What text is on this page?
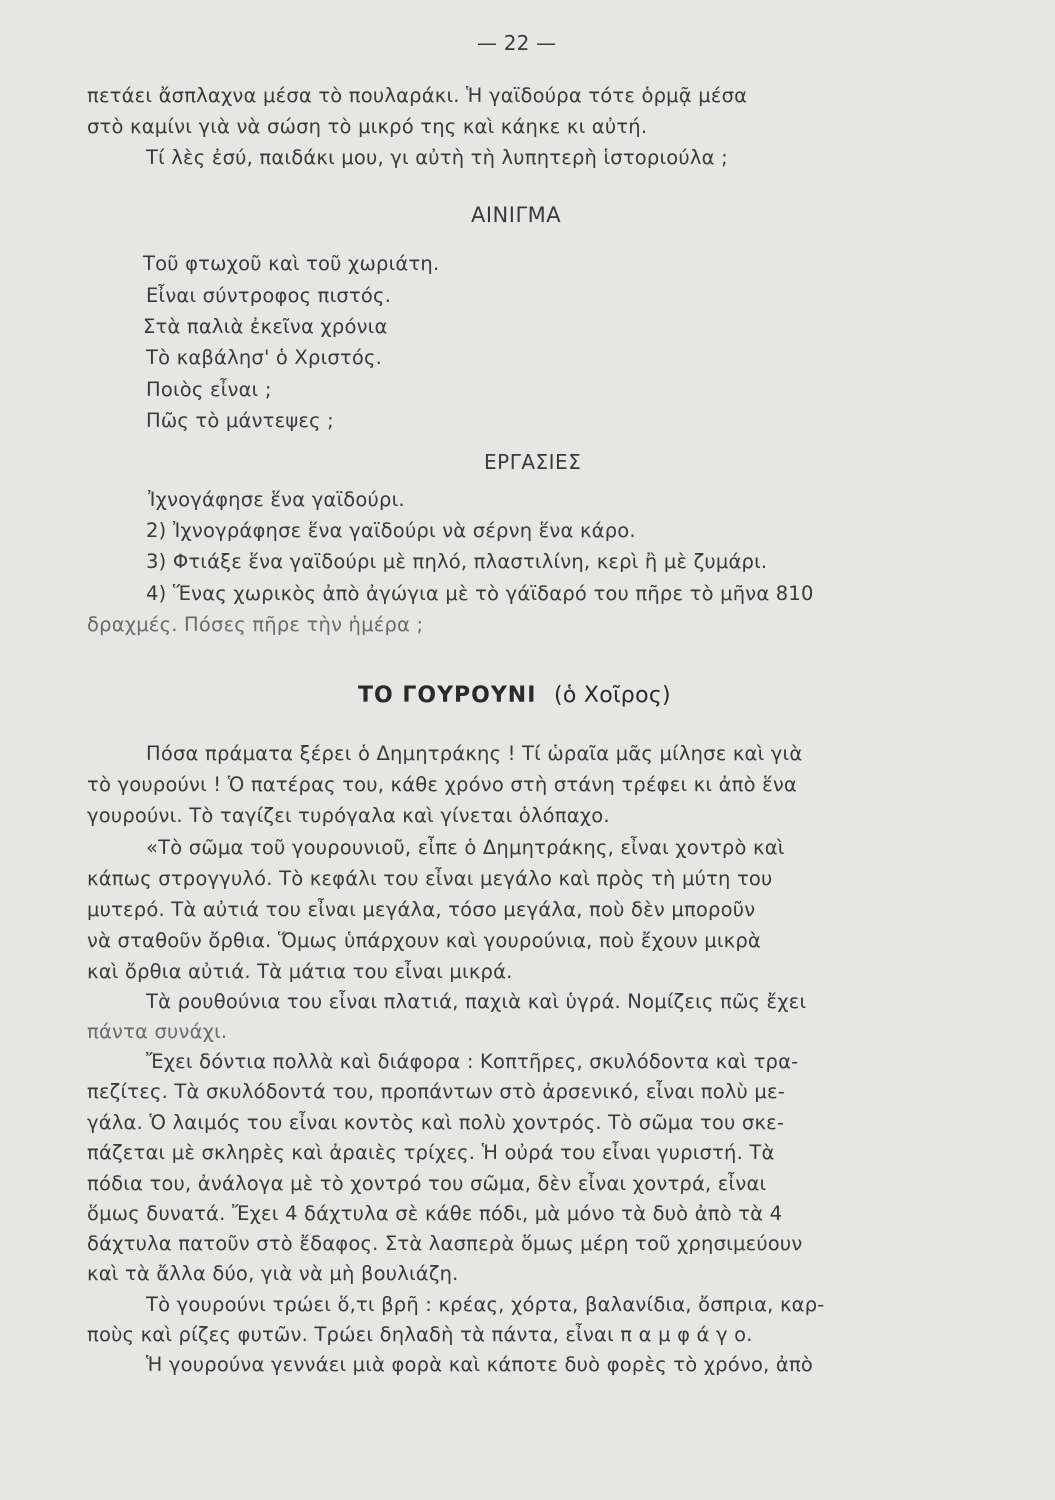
— 22 —
πετάει ἄσπλαχνα μέσα τὸ πουλαράκι. Ἡ γαϊδούρα τότε ὁρμᾷ μέσα
στὸ καμίνι γιὰ νὰ σώση τὸ μικρό της καὶ κάηκε κι αὐτή.
Τί λὲς ἐσύ, παιδάκι μου, γι αὐτὴ τὴ λυπητερὴ ἱστοριούλα ;
ΑΙΝΙΓΜΑ
Τοῦ φτωχοῦ καὶ τοῦ χωριάτη.
Εἶναι σύντροφος πιστός.
Στὰ παλιὰ ἐκεῖνα χρόνια
Τὸ καβάλησ' ὁ Χριστός.
Ποιὸς εἶναι ;
Πῶς τὸ μάντεψες ;
ΕΡΓΑΣΙΕΣ
Ἰχνογάφησε ἕνα γαϊδούρι.
2) Ἰχνογράφησε ἕνα γαϊδούρι νὰ σέρνη ἕνα κάρο.
3) Φτιάξε ἕνα γαϊδούρι μὲ πηλό, πλαστιλίνη, κερὶ ἢ μὲ ζυμάρι.
4) Ἕνας χωρικὸς ἀπὸ ἀγώγια μὲ τὸ γάϊδαρό του πῆρε τὸ μῆνα 810
δραχμές. Πόσες πῆρε τὴν ἡμέρα ;
ΤΟ ΓΟΥΡΟΥΝΙ (ὁ Χοῖρος)
Πόσα πράματα ξέρει ὁ Δημητράκης ! Τί ὡραῖα μᾶς μίλησε καὶ γιὰ
τὸ γουρούνι ! Ὁ πατέρας του, κάθε χρόνο στὴ στάνη τρέφει κι ἀπὸ ἕνα
γουρούνι. Τὸ ταγίζει τυρόγαλα καὶ γίνεται ὁλόπαχο.
«Τὸ σῶμα τοῦ γουρουνιοῦ, εἶπε ὁ Δημητράκης, εἶναι χοντρὸ καὶ
κάπως στρογγυλό. Τὸ κεφάλι του εἶναι μεγάλο καὶ πρὸς τὴ μύτη του
μυτερό. Τὰ αὐτιά του εἶναι μεγάλα, τόσο μεγάλα, ποὺ δὲν μποροῦν
νὰ σταθοῦν ὄρθια. Ὅμως ὑπάρχουν καὶ γουρούνια, ποὺ ἔχουν μικρὰ
καὶ ὄρθια αὐτιά. Τὰ μάτια του εἶναι μικρά.
Τὰ ρουθούνια του εἶναι πλατιά, παχιὰ καὶ ὑγρά. Νομίζεις πῶς ἔχει
πάντα συνάχι.
Ἔχει δόντια πολλὰ καὶ διάφορα : Κοπτῆρες, σκυλόδοντα καὶ τρα-
πεζίτες. Τὰ σκυλόδοντά του, προπάντων στὸ ἀρσενικό, εἶναι πολὺ με-
γάλα. Ὁ λαιμός του εἶναι κοντὸς καὶ πολὺ χοντρός. Τὸ σῶμα του σκε-
πάζεται μὲ σκληρὲς καὶ ἀραιὲς τρίχες. Ἡ οὐρά του εἶναι γυριστή. Τὰ
πόδια του, ἀνάλογα μὲ τὸ χοντρό του σῶμα, δὲν εἶναι χοντρά, εἶναι
ὅμως δυνατά. Ἔχει 4 δάχτυλα σὲ κάθε πόδι, μὰ μόνο τὰ δυὸ ἀπὸ τὰ 4
δάχτυλα πατοῦν στὸ ἔδαφος. Στὰ λασπερὰ ὅμως μέρη τοῦ χρησιμεύουν
καὶ τὰ ἄλλα δύο, γιὰ νὰ μὴ βουλιάζη.
Τὸ γουρούνι τρώει ὅ,τι βρῆ : κρέας, χόρτα, βαλανίδια, ὄσπρια, καρ-
ποὺς καὶ ρίζες φυτῶν. Τρώει δηλαδὴ τὰ πάντα, εἶναι π α μ φ ά γ ο.
Ἡ γουρούνα γεννάει μιὰ φορὰ καὶ κάποτε δυὸ φορὲς τὸ χρόνο, ἀπὸ
